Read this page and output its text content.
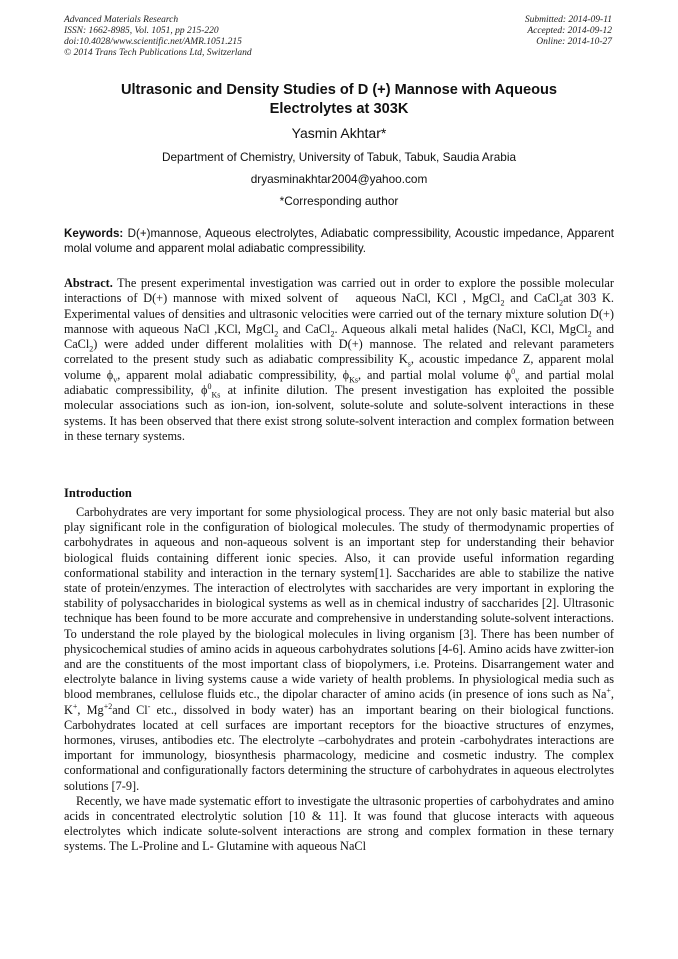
Advanced Materials Research
ISSN: 1662-8985, Vol. 1051, pp 215-220
doi:10.4028/www.scientific.net/AMR.1051.215
© 2014 Trans Tech Publications Ltd, Switzerland
Submitted: 2014-09-11
Accepted: 2014-09-12
Online: 2014-10-27
Ultrasonic and Density Studies of D (+) Mannose with Aqueous
Electrolytes at 303K
Yasmin Akhtar*
Department of Chemistry, University of Tabuk, Tabuk, Saudia Arabia
dryasminakhtar2004@yahoo.com
*Corresponding author
Keywords: D(+)mannose, Aqueous electrolytes, Adiabatic compressibility, Acoustic impedance, Apparent molal volume and apparent molal adiabatic compressibility.
Abstract. The present experimental investigation was carried out in order to explore the possible molecular interactions of D(+) mannose with mixed solvent of   aqueous NaCl, KCl , MgCl$_2$ and CaCl$_2$at 303 K. Experimental values of densities and ultrasonic velocities were carried out of the ternary mixture solution D(+) mannose with aqueous NaCl ,KCl, MgCl$_2$ and CaCl$_2$. Aqueous alkali metal halides (NaCl, KCl, MgCl$_2$ and CaCl$_2$) were added under different molalities with D(+) mannose. The related and relevant parameters correlated to the present study such as adiabatic compressibility $K_s$, acoustic impedance Z, apparent molal volume $\phi_v$, apparent molal adiabatic compressibility, $\phi_{Ks}$, and partial molal volume $\phi^0_v$ and partial molal adiabatic compressibility, $\phi^0_{Ks}$ at infinite dilution. The present investigation has exploited the possible molecular associations such as ion-ion, ion-solvent, solute-solute and solute-solvent interactions in these systems. It has been observed that there exist strong solute-solvent interaction and complex formation between in these ternary systems.
Introduction

Carbohydrates are very important for some physiological process. They are not only basic material but also play significant role in the configuration of biological molecules. The study of thermodynamic properties of carbohydrates in aqueous and non-aqueous solvent is an important step for understanding their behavior biological fluids containing different ionic species. Also, it can provide useful information regarding conformational stability and interaction in the ternary system[1]. Saccharides are able to stabilize the native state of protein/enzymes. The interaction of electrolytes with saccharides are very important in exploring the stability of polysaccharides in biological systems as well as in chemical industry of saccharides [2]. Ultrasonic technique has been found to be more accurate and comprehensive in understanding solute-solvent interactions. To understand the role played by the biological molecules in living organism [3]. There has been number of physicochemical studies of amino acids in aqueous carbohydrates solutions [4-6]. Amino acids have zwitter-ion and are the constituents of the most important class of biopolymers, i.e. Proteins. Disarrangement water and electrolyte balance in living systems cause a wide variety of health problems. In physiological media such as blood membranes, cellulose fluids etc., the dipolar character of amino acids (in presence of ions such as Na+, K+, $Mg^{+2}and$ Cl- etc., dissolved in body water) has an  important bearing on their biological functions. Carbohydrates located at cell surfaces are important receptors for the bioactive structures of enzymes, hormones, viruses, antibodies etc. The electrolyte –carbohydrates and protein -carbohydrates interactions are important for immunology, biosynthesis pharmacology, medicine and cosmetic industry. The complex conformational and configurationally factors determining the structure of carbohydrates in aqueous electrolytes solutions [7-9].

Recently, we have made systematic effort to investigate the ultrasonic properties of carbohydrates and amino acids in concentrated electrolytic solution [10 & 11]. It was found that glucose interacts with aqueous electrolytes which indicate solute-solvent interactions are strong and complex formation in these ternary systems. The L-Proline and L- Glutamine with aqueous NaCl
